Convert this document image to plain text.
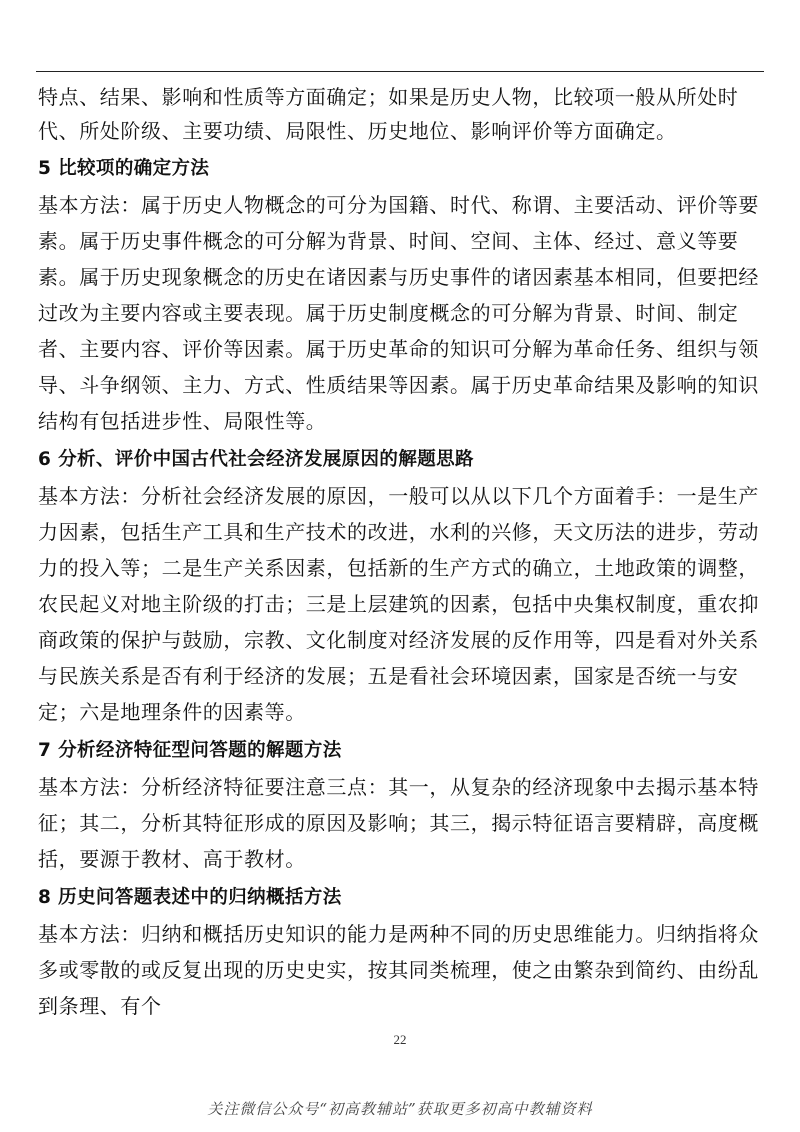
特点、结果、影响和性质等方面确定；如果是历史人物，比较项一般从所处时代、所处阶级、主要功绩、局限性、历史地位、影响评价等方面确定。

5 比较项的确定方法

基本方法：属于历史人物概念的可分为国籍、时代、称谓、主要活动、评价等要素。属于历史事件概念的可分解为背景、时间、空间、主体、经过、意义等要素。属于历史现象概念的历史在诸因素与历史事件的诸因素基本相同，但要把经过改为主要内容或主要表现。属于历史制度概念的可分解为背景、时间、制定者、主要内容、评价等因素。属于历史革命的知识可分解为革命任务、组织与领导、斗争纲领、主力、方式、性质结果等因素。属于历史革命结果及影响的知识结构有包括进步性、局限性等。

6 分析、评价中国古代社会经济发展原因的解题思路

基本方法：分析社会经济发展的原因，一般可以从以下几个方面着手：一是生产力因素，包括生产工具和生产技术的改进，水利的兴修，天文历法的进步，劳动力的投入等；二是生产关系因素，包括新的生产方式的确立，土地政策的调整，农民起义对地主阶级的打击；三是上层建筑的因素，包括中央集权制度，重农抑商政策的保护与鼓励，宗教、文化制度对经济发展的反作用等，四是看对外关系与民族关系是否有利于经济的发展；五是看社会环境因素，国家是否统一与安定；六是地理条件的因素等。

7 分析经济特征型问答题的解题方法

基本方法：分析经济特征要注意三点：其一，从复杂的经济现象中去揭示基本特征；其二，分析其特征形成的原因及影响；其三，揭示特征语言要精辟，高度概括，要源于教材、高于教材。

8 历史问答题表述中的归纳概括方法

基本方法：归纳和概括历史知识的能力是两种不同的历史思维能力。归纳指将众多或零散的或反复出现的历史史实，按其同类梳理，使之由繁杂到简约、由纷乱到条理、有个

22
关注微信公众号“初高教辅站”获取更多初高中教辅资料
